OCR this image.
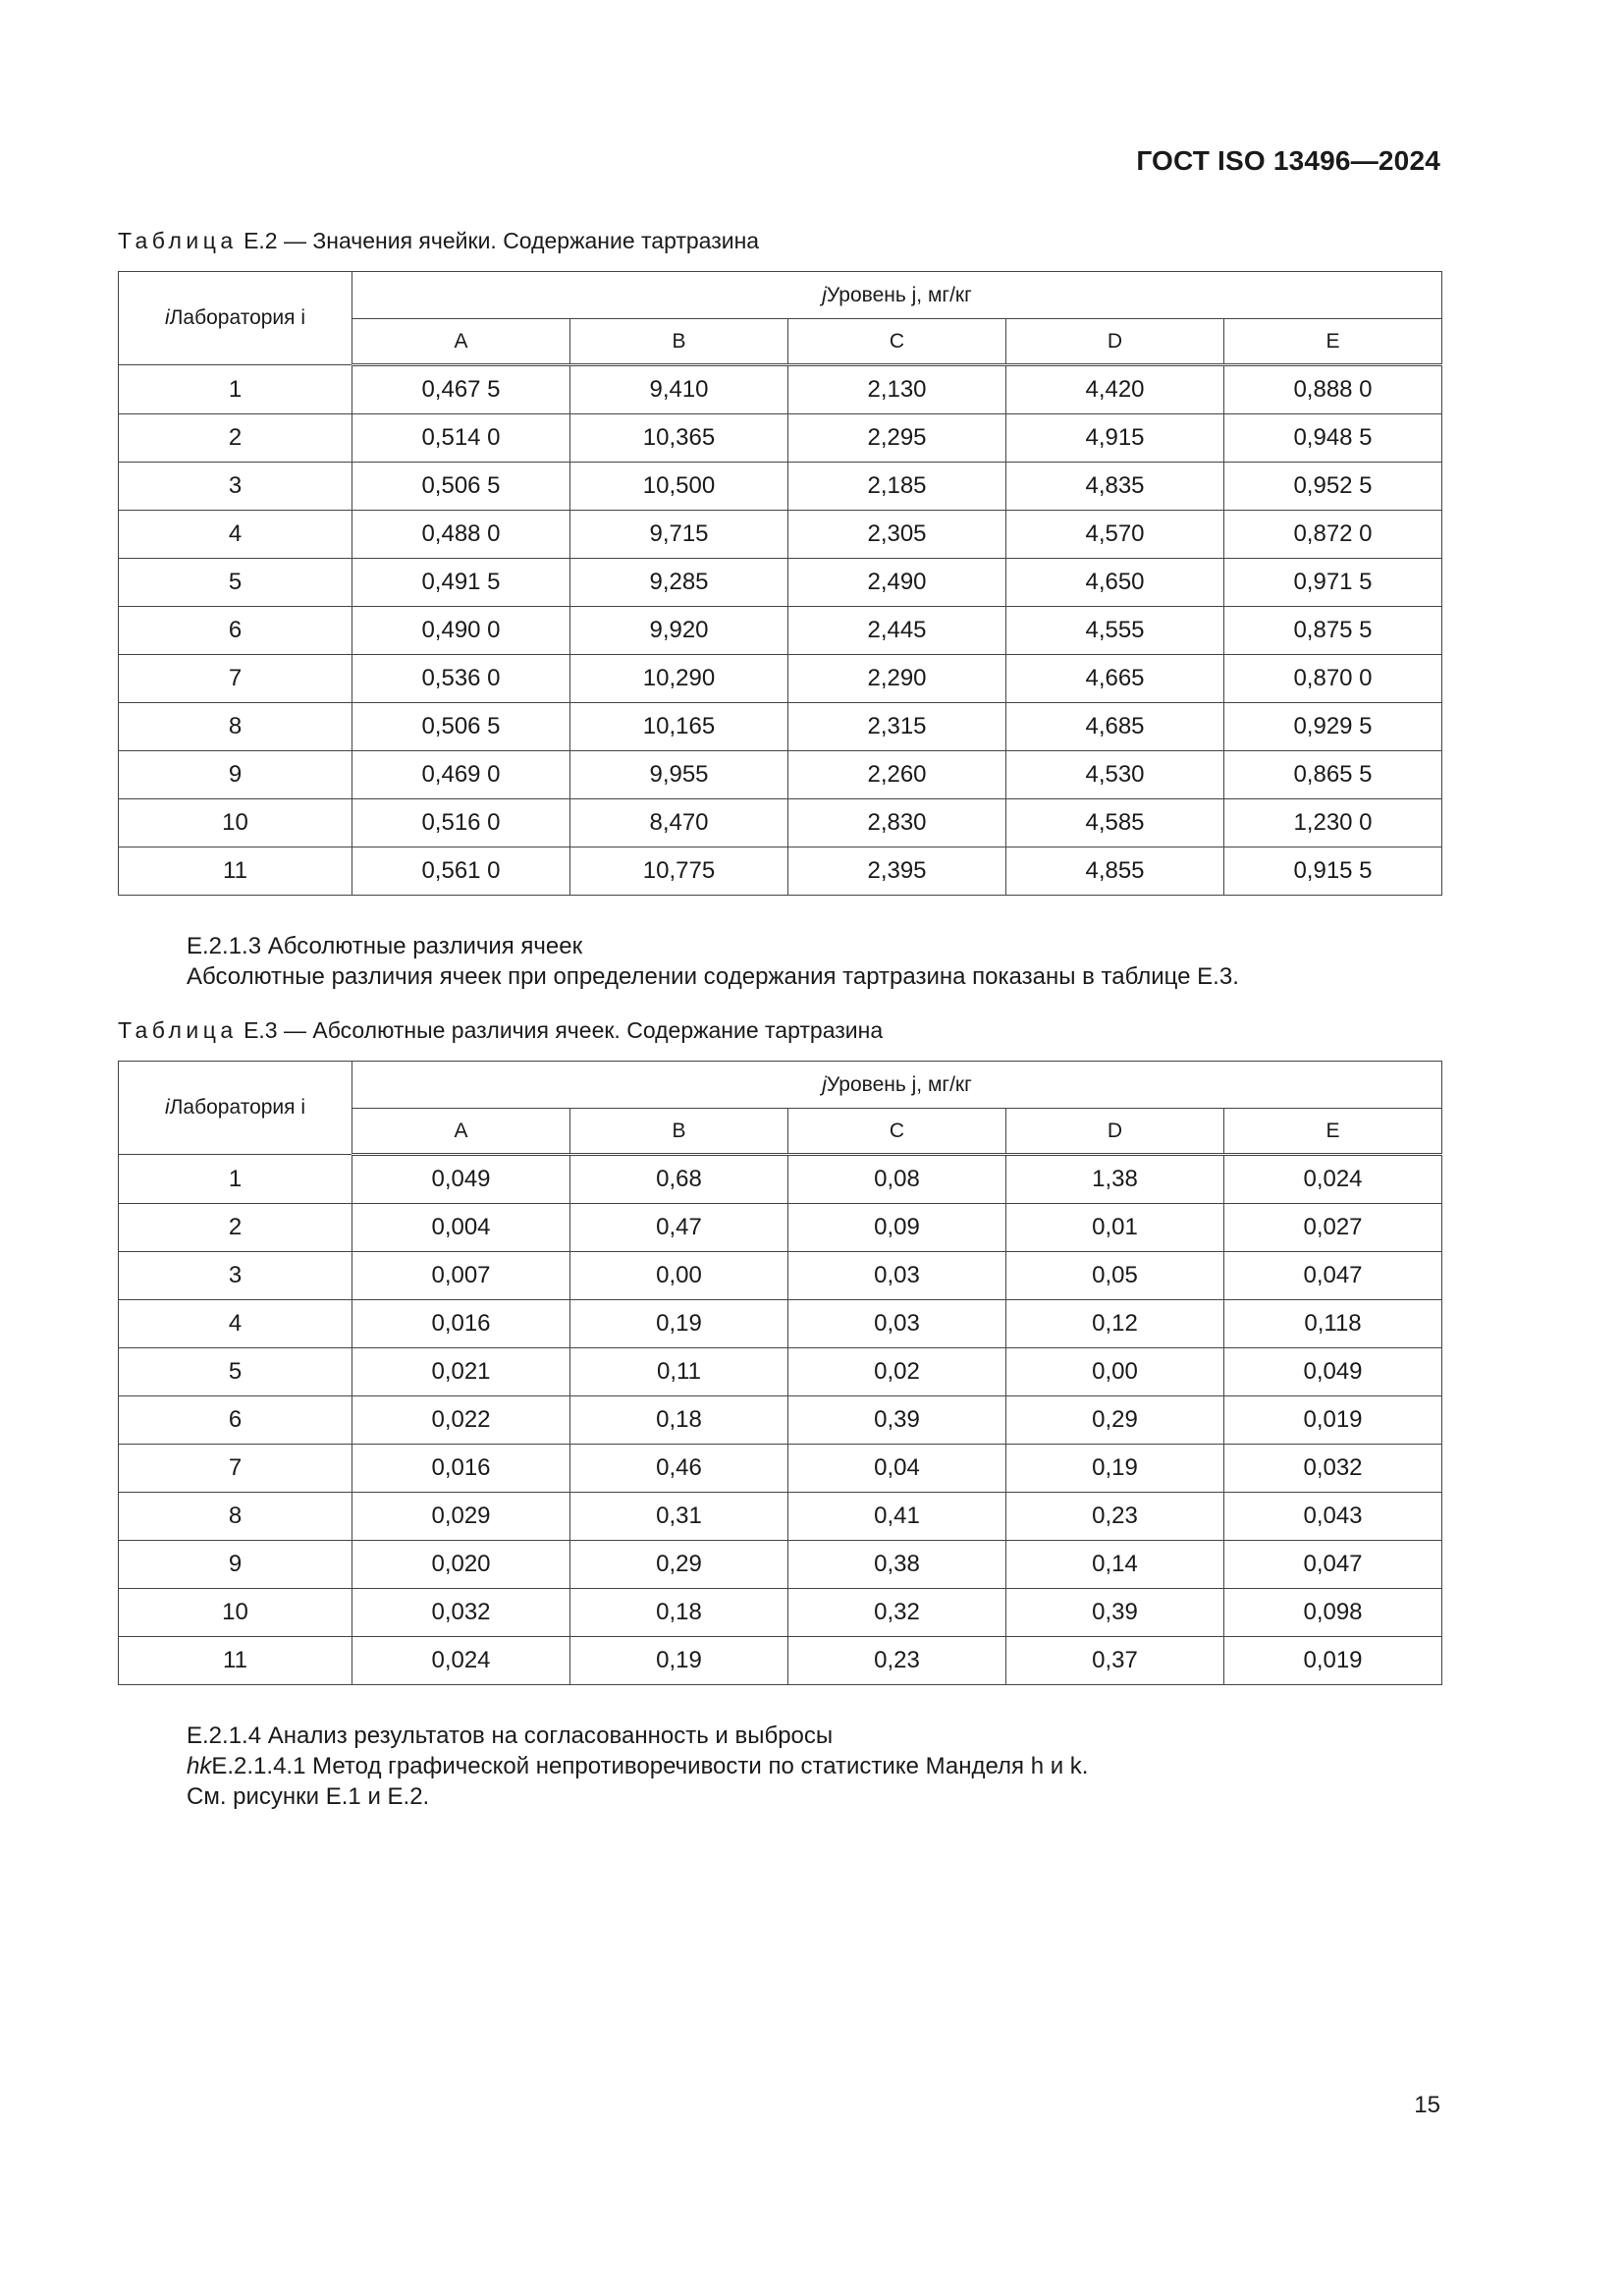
ГОСТ ISO 13496—2024
Таблица Е.2 — Значения ячейки. Содержание тартразина
iЛаборатория i	jУровень j, мг/кг				
	A	B	C	D	E
1	0,467 5	9,410	2,130	4,420	0,888 0
2	0,514 0	10,365	2,295	4,915	0,948 5
3	0,506 5	10,500	2,185	4,835	0,952 5
4	0,488 0	9,715	2,305	4,570	0,872 0
5	0,491 5	9,285	2,490	4,650	0,971 5
6	0,490 0	9,920	2,445	4,555	0,875 5
7	0,536 0	10,290	2,290	4,665	0,870 0
8	0,506 5	10,165	2,315	4,685	0,929 5
9	0,469 0	9,955	2,260	4,530	0,865 5
10	0,516 0	8,470	2,830	4,585	1,230 0
11	0,561 0	10,775	2,395	4,855	0,915 5
Е.2.1.3 Абсолютные различия ячеек
Абсолютные различия ячеек при определении содержания тартразина показаны в таблице Е.3.
Таблица Е.3 — Абсолютные различия ячеек. Содержание тартразина
iЛаборатория i	jУровень j, мг/кг				
	A	B	C	D	E
1	0,049	0,68	0,08	1,38	0,024
2	0,004	0,47	0,09	0,01	0,027
3	0,007	0,00	0,03	0,05	0,047
4	0,016	0,19	0,03	0,12	0,118
5	0,021	0,11	0,02	0,00	0,049
6	0,022	0,18	0,39	0,29	0,019
7	0,016	0,46	0,04	0,19	0,032
8	0,029	0,31	0,41	0,23	0,043
9	0,020	0,29	0,38	0,14	0,047
10	0,032	0,18	0,32	0,39	0,098
11	0,024	0,19	0,23	0,37	0,019
Е.2.1.4 Анализ результатов на согласованность и выбросы
hkЕ.2.1.4.1 Метод графической непротиворечивости по статистике Манделя h и k.
См. рисунки Е.1 и Е.2.
15
